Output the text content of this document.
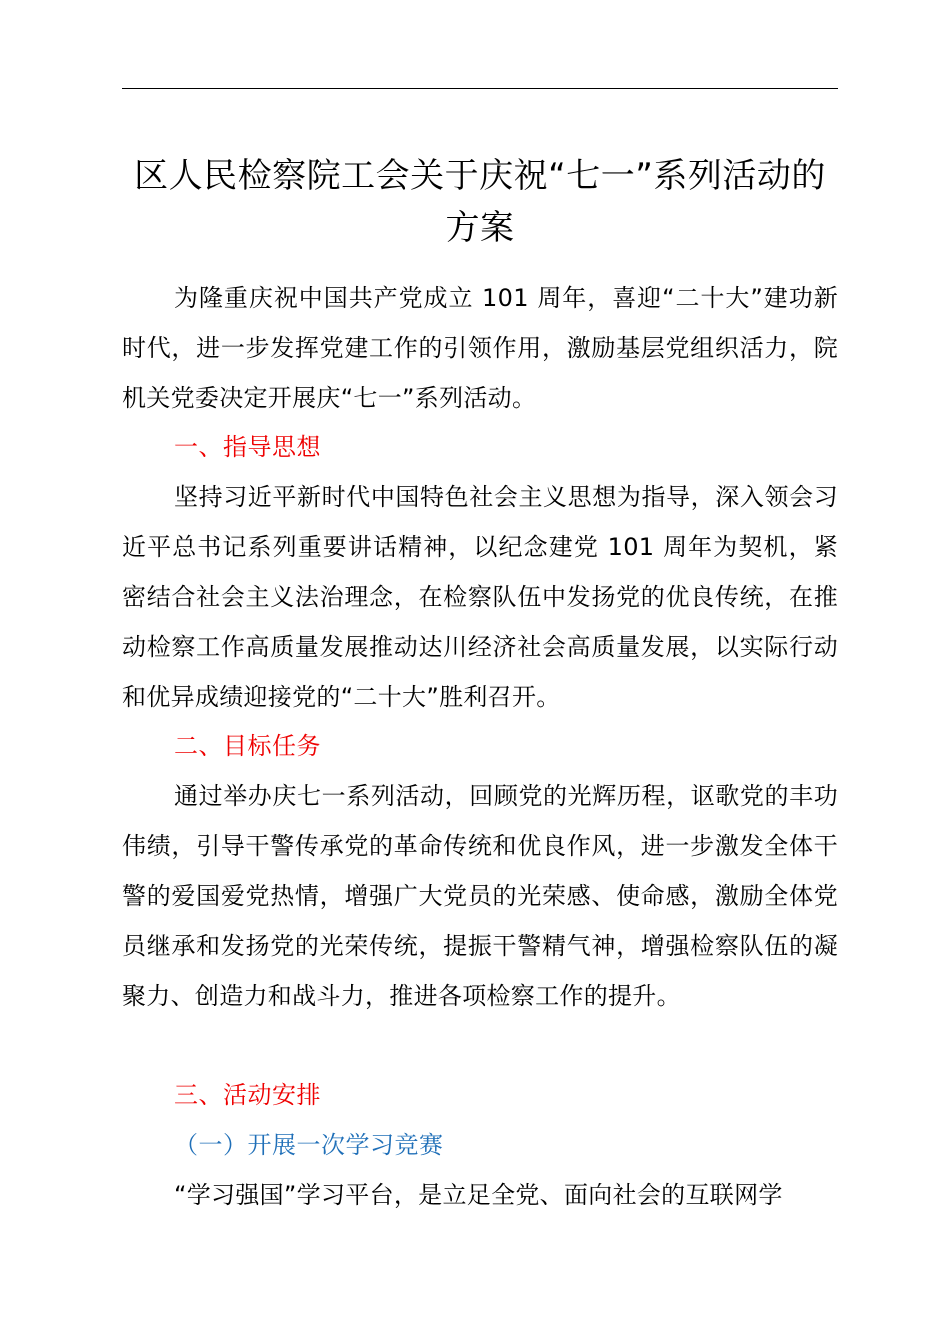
区人民检察院工会关于庆祝“七一”系列活动的
方案

为隆重庆祝中国共产党成立 101 周年，喜迎“二十大”建功新时代，进一步发挥党建工作的引领作用，激励基层党组织活力，院机关党委决定开展庆“七一”系列活动。

一、指导思想

坚持习近平新时代中国特色社会主义思想为指导，深入领会习近平总书记系列重要讲话精神，以纪念建党 101 周年为契机，紧密结合社会主义法治理念，在检察队伍中发扬党的优良传统，在推动检察工作高质量发展推动达川经济社会高质量发展，以实际行动和优异成绩迎接党的“二十大”胜利召开。

二、目标任务

通过举办庆七一系列活动，回顾党的光辉历程，讴歌党的丰功伟绩，引导干警传承党的革命传统和优良作风，进一步激发全体干警的爱国爱党热情，增强广大党员的光荣感、使命感，激励全体党员继承和发扬党的光荣传统，提振干警精气神，增强检察队伍的凝聚力、创造力和战斗力，推进各项检察工作的提升。

三、活动安排

（一）开展一次学习竞赛

“学习强国”学习平台，是立足全党、面向社会的互联网学
